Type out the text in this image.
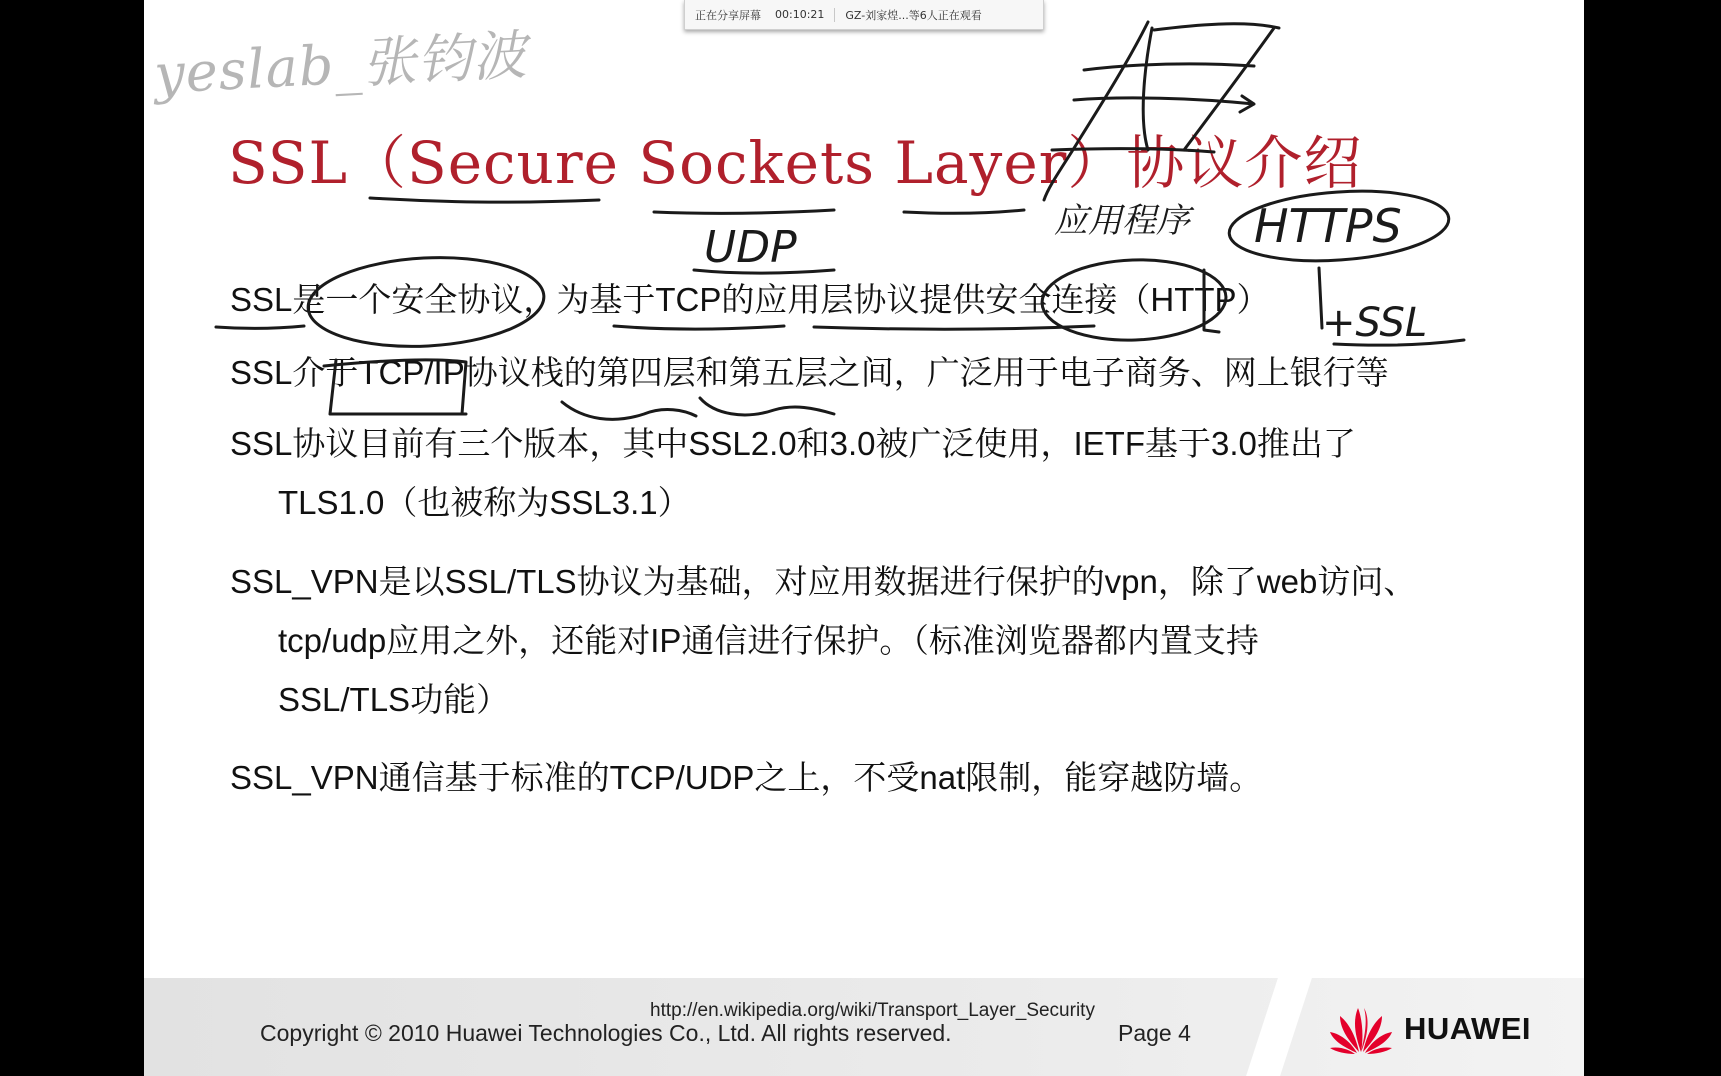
yeslab_张钧波
SSL（Secure Sockets Layer）协议介绍

SSL是一个安全协议，为基于TCP的应用层协议提供安全连接（HTTP）

SSL介于TCP/IP协议栈的第四层和第五层之间，广泛用于电子商务、网上银行等

SSL协议目前有三个版本，其中SSL2.0和3.0被广泛使用，IETF基于3.0推出了
TLS1.0（也被称为SSL3.1）

SSL_VPN是以SSL/TLS协议为基础，对应用数据进行保护的vpn，除了web访问、
tcp/udp应用之外，还能对IP通信进行保护。（标准浏览器都内置支持
SSL/TLS功能）

SSL_VPN通信基于标准的TCP/UDP之上，不受nat限制，能穿越防墙。

UDP
应用程序 HTTPS
+SSL
http://en.wikipedia.org/wiki/Transport_Layer_Security
Copyright © 2010 Huawei Technologies Co., Ltd. All rights reserved.	Page 4	HUAWEI
正在分享屏幕 00:10:21 GZ-刘家煌...等6人正在观看
